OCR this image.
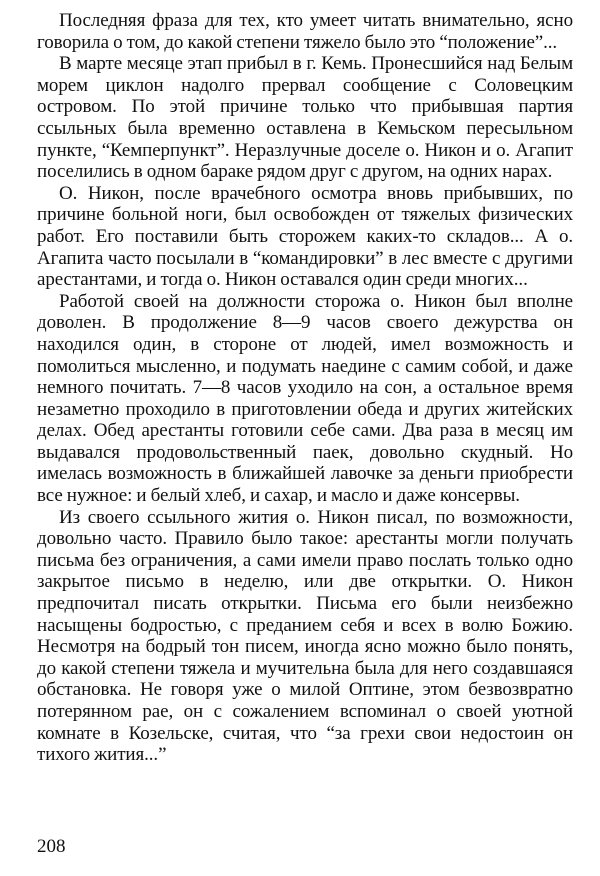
Последняя фраза для тех, кто умеет читать внимательно, ясно говорила о том, до какой степени тяжело было это “положение”...

В марте месяце этап прибыл в г. Кемь. Пронесшийся над Белым морем циклон надолго прервал сообщение с Соловецким островом. По этой причине только что прибывшая партия ссыльных была временно оставлена в Кемьском пересыльном пункте, “Кемперпункт”. Неразлучные доселе о. Никон и о. Агапит поселились в одном бараке рядом друг с другом, на одних нарах.

О. Никон, после врачебного осмотра вновь прибывших, по причине больной ноги, был освобожден от тяжелых физических работ. Его поставили быть сторожем каких-то складов... А о. Агапита часто посылали в “командировки” в лес вместе с другими арестантами, и тогда о. Никон оставался один среди многих...

Работой своей на должности сторожа о. Никон был вполне доволен. В продолжение 8—9 часов своего дежурства он находился один, в стороне от людей, имел возможность и помолиться мысленно, и подумать наедине с самим собой, и даже немного почитать. 7—8 часов уходило на сон, а остальное время незаметно проходило в приготовлении обеда и других житейских делах. Обед арестанты готовили себе сами. Два раза в месяц им выдавался продовольственный паек, довольно скудный. Но имелась возможность в ближайшей лавочке за деньги приобрести все нужное: и белый хлеб, и сахар, и масло и даже консервы.

Из своего ссыльного жития о. Никон писал, по возможности, довольно часто. Правило было такое: арестанты могли получать письма без ограничения, а сами имели право послать только одно закрытое письмо в неделю, или две открытки. О. Никон предпочитал писать открытки. Письма его были неизбежно насыщены бодростью, с преданием себя и всех в волю Божию. Несмотря на бодрый тон писем, иногда ясно можно было понять, до какой степени тяжела и мучительна была для него создавшаяся обстановка. Не говоря уже о милой Оптине, этом безвозвратно потерянном рае, он с сожалением вспоминал о своей уютной комнате в Козельске, считая, что “за грехи свои недостоин он тихого жития...”

208
